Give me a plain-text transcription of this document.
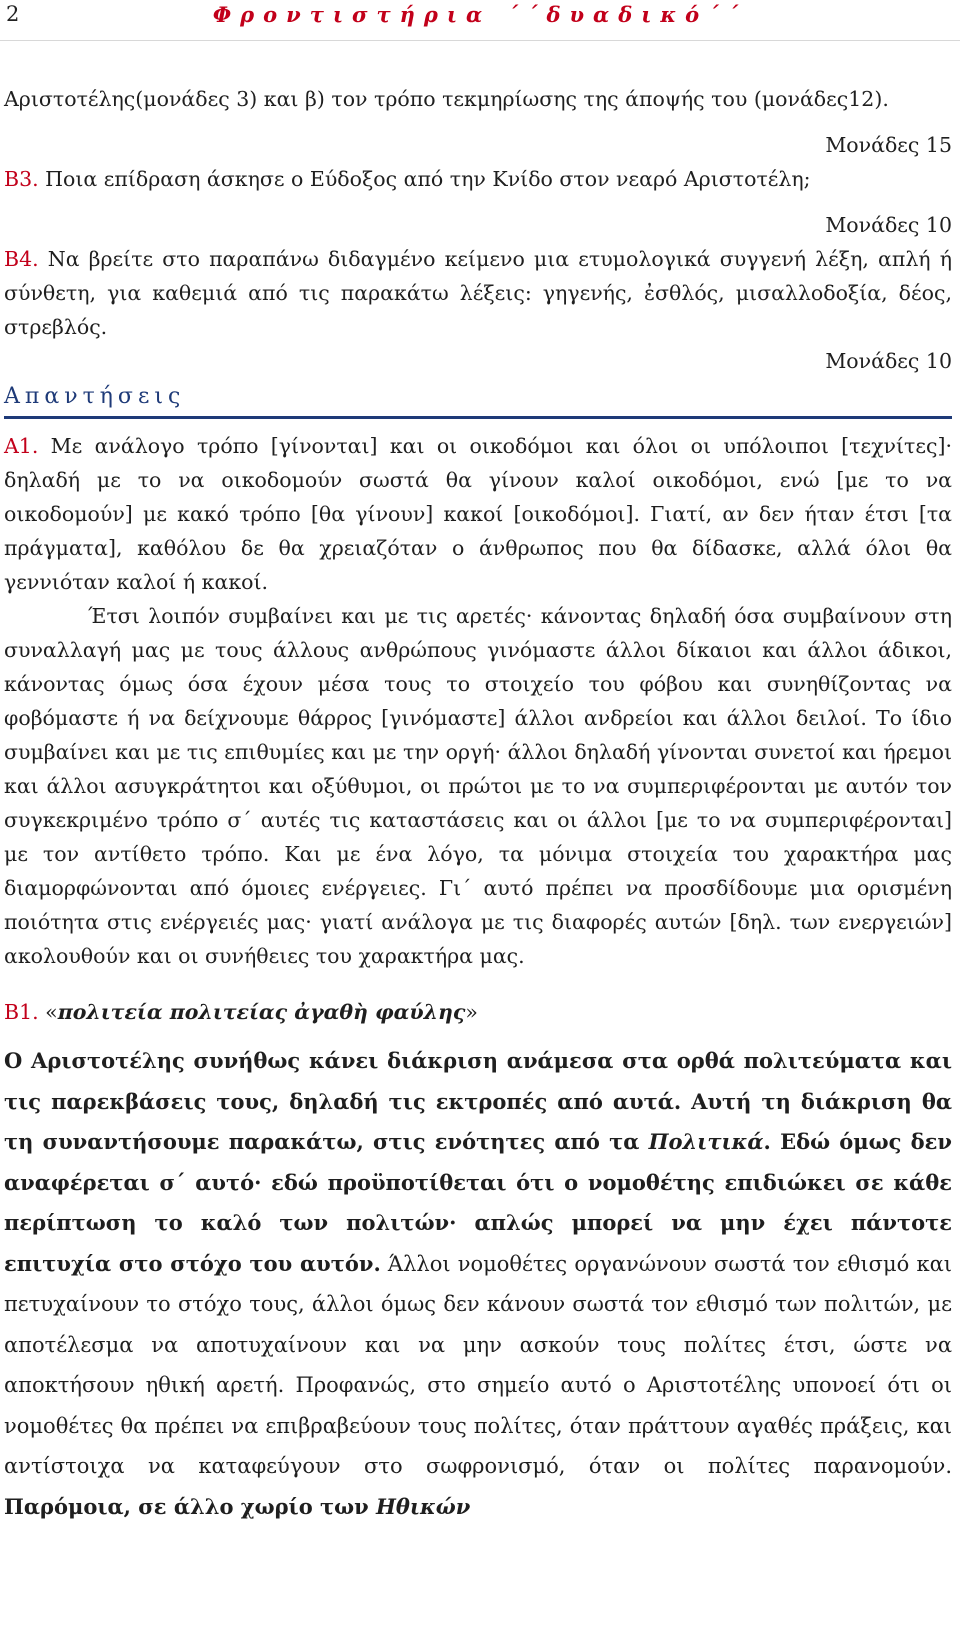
2	Φροντιστήρια ΄΄δυαδικό΄΄

Αριστοτέλης(μονάδες 3) και β) τον τρόπο τεκμηρίωσης της άποψής του (μονάδες12).

Μονάδες 15

Β3. Ποια επίδραση άσκησε ο Εύδοξος από την Κνίδο στον νεαρό Αριστοτέλη;

Μονάδες 10

Β4. Να βρείτε στο παραπάνω διδαγμένο κείμενο μια ετυμολογικά συγγενή λέξη, απλή ή σύνθετη, για καθεμιά από τις παρακάτω λέξεις: γηγενής, ἐσθλός, μισαλλοδοξία, δέος, στρεβλός.

Μονάδες 10

Απαντήσεις

Α1. Με ανάλογο τρόπο [γίνονται] και οι οικοδόμοι και όλοι οι υπόλοιποι [τεχνίτες]· δηλαδή με το να οικοδομούν σωστά θα γίνουν καλοί οικοδόμοι, ενώ [με το να οικοδομούν] με κακό τρόπο [θα γίνουν] κακοί [οικοδόμοι]. Γιατί, αν δεν ήταν έτσι [τα πράγματα], καθόλου δε θα χρειαζόταν ο άνθρωπος που θα δίδασκε, αλλά όλοι θα γεννιόταν καλοί ή κακοί.

Έτσι λοιπόν συμβαίνει και με τις αρετές· κάνοντας δηλαδή όσα συμβαίνουν στη συναλλαγή μας με τους άλλους ανθρώπους γινόμαστε άλλοι δίκαιοι και άλλοι άδικοι, κάνοντας όμως όσα έχουν μέσα τους το στοιχείο του φόβου και συνηθίζοντας να φοβόμαστε ή να δείχνουμε θάρρος [γινόμαστε] άλλοι ανδρείοι και άλλοι δειλοί. Το ίδιο συμβαίνει και με τις επιθυμίες και με την οργή· άλλοι δηλαδή γίνονται συνετοί και ήρεμοι και άλλοι ασυγκράτητοι και οξύθυμοι, οι πρώτοι με το να συμπεριφέρονται με αυτόν τον συγκεκριμένο τρόπο σ΄ αυτές τις καταστάσεις και οι άλλοι [με το να συμπεριφέρονται] με τον αντίθετο τρόπο. Και με ένα λόγο, τα μόνιμα στοιχεία του χαρακτήρα μας διαμορφώνονται από όμοιες ενέργειες. Γι΄ αυτό πρέπει να προσδίδουμε μια ορισμένη ποιότητα στις ενέργειές μας· γιατί ανάλογα με τις διαφορές αυτών [δηλ. των ενεργειών] ακολουθούν και οι συνήθειες του χαρακτήρα μας.

Β1. «πολιτεία πολιτείας ἀγαθὴ φαύλης»

Ο Αριστοτέλης συνήθως κάνει διάκριση ανάμεσα στα ορθά πολιτεύματα και τις παρεκβάσεις τους, δηλαδή τις εκτροπές από αυτά. Αυτή τη διάκριση θα τη συναντήσουμε παρακάτω, στις ενότητες από τα Πολιτικά. Εδώ όμως δεν αναφέρεται σ΄ αυτό· εδώ προϋποτίθεται ότι ο νομοθέτης επιδιώκει σε κάθε περίπτωση το καλό των πολιτών· απλώς μπορεί να μην έχει πάντοτε επιτυχία στο στόχο του αυτόν. Άλλοι νομοθέτες οργανώνουν σωστά τον εθισμό και πετυχαίνουν το στόχο τους, άλλοι όμως δεν κάνουν σωστά τον εθισμό των πολιτών, με αποτέλεσμα να αποτυχαίνουν και να μην ασκούν τους πολίτες έτσι, ώστε να αποκτήσουν ηθική αρετή. Προφανώς, στο σημείο αυτό ο Αριστοτέλης υπονοεί ότι οι νομοθέτες θα πρέπει να επιβραβεύουν τους πολίτες, όταν πράττουν αγαθές πράξεις, και αντίστοιχα να καταφεύγουν στο σωφρονισμό, όταν οι πολίτες παρανομούν. Παρόμοια, σε άλλο χωρίο των Ηθικών
